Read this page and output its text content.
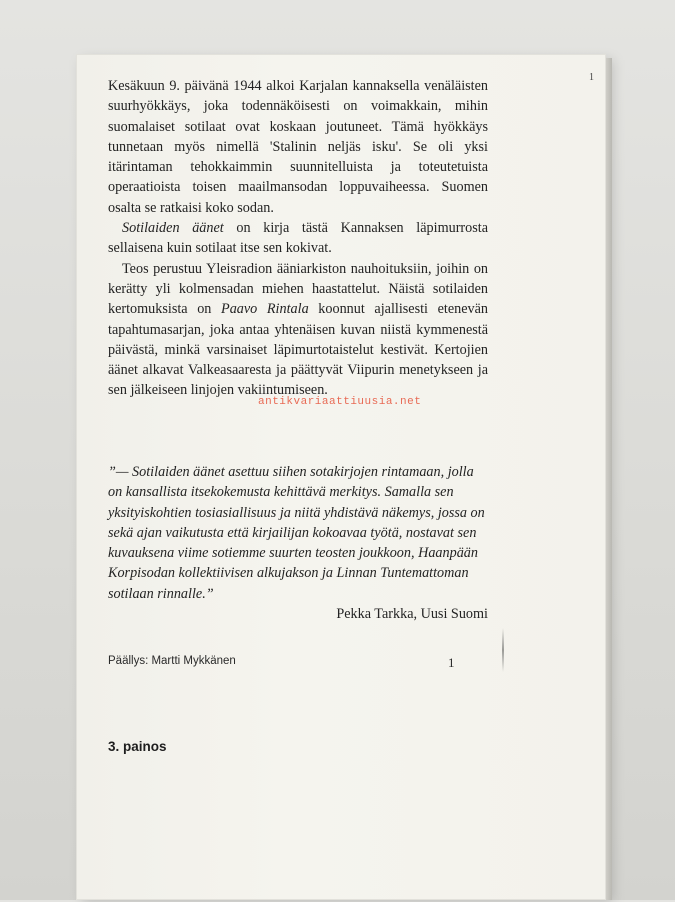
1

Kesäkuun 9. päivänä 1944 alkoi Karjalan kannaksella venäläisten suurhyökkäys, joka todennäköisesti on voimakkain, mihin suomalaiset sotilaat ovat koskaan joutuneet. Tämä hyökkäys tunnetaan myös nimellä 'Stalinin neljäs isku'. Se oli yksi itärintaman tehokkaimmin suunnitelluista ja toteutetuista operaatioista toisen maailmansodan loppuvaiheessa. Suomen osalta se ratkaisi koko sodan.

Sotilaiden äänet on kirja tästä Kannaksen läpimurrosta sellaisena kuin sotilaat itse sen kokivat.

Teos perustuu Yleisradion ääniarkiston nauhoituksiin, joihin on kerätty yli kolmensadan miehen haastattelut. Näistä sotilaiden kertomuksista on Paavo Rintala koonnut ajallisesti etenevän tapahtumasarjan, joka antaa yhtenäisen kuvan niistä kymmenestä päivästä, minkä varsinaiset läpimurtotaistelut kestivät. Kertojien äänet alkavat Valkeasaaresta ja päättyvät Viipurin menetykseen ja sen jälkeiseen linjojen vakiintumiseen.

antikvariaattiuusia.net

”— Sotilaiden äänet asettuu siihen sotakirjojen rintamaan, jolla on kansallista itsekokemusta kehittävä merkitys. Samalla sen yksityiskohtien tosiasiallisuus ja niitä yhdistävä näkemys, jossa on sekä ajan vaikutusta että kirjailijan kokoavaa työtä, nostavat sen kuvauksena viime sotiemme suurten teosten joukkoon, Haanpään Korpisodan kollektiivisen alkujakson ja Linnan Tuntemattoman sotilaan rinnalle.”

Pekka Tarkka, Uusi Suomi

Päällys: Martti Mykkänen	1
3. painos
